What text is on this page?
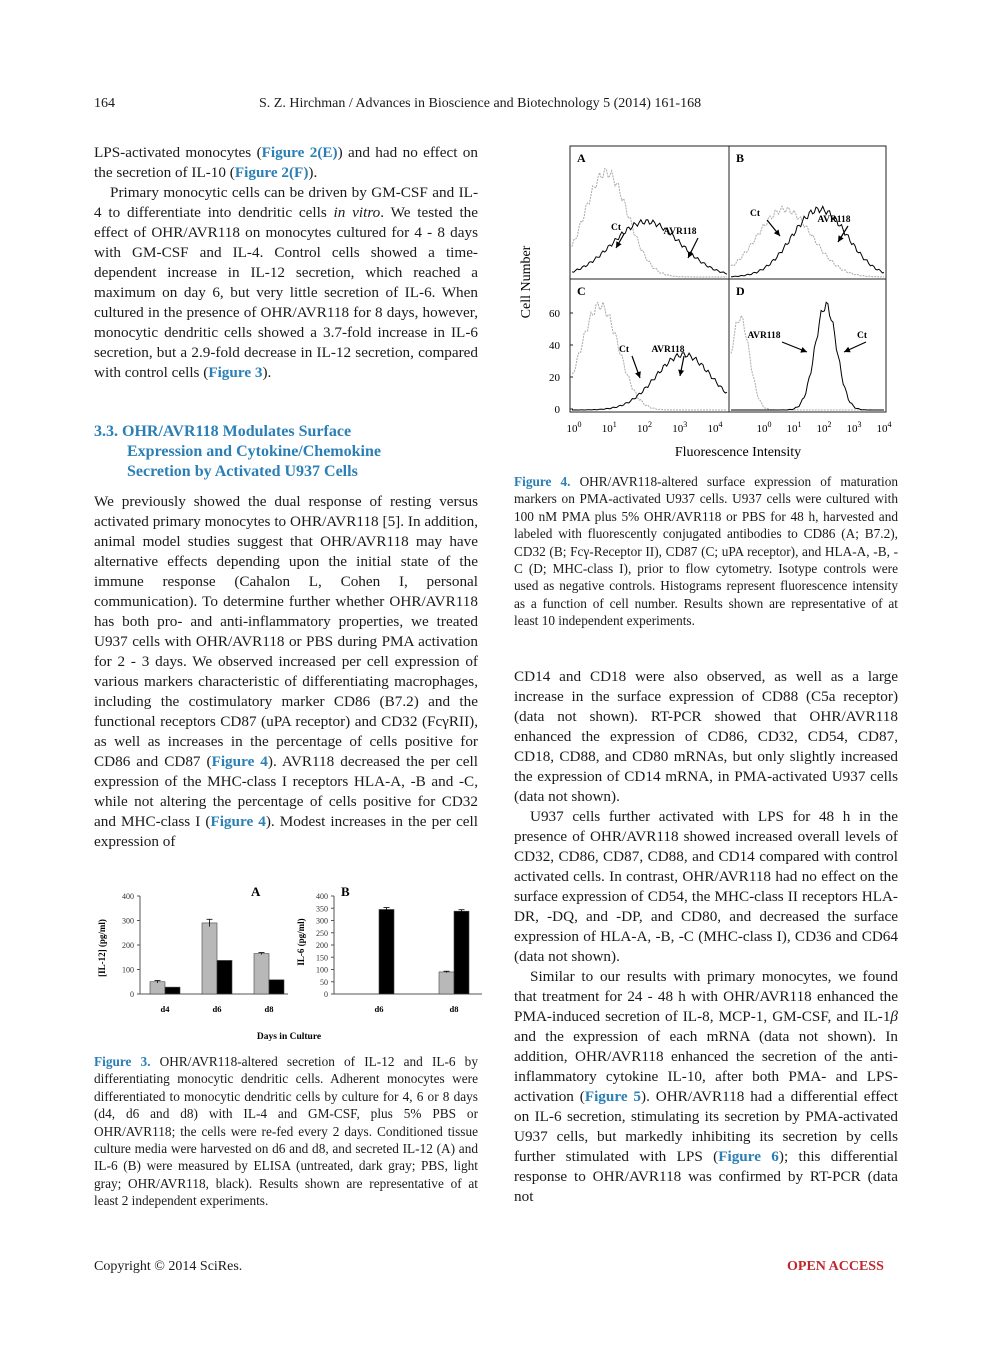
164	S. Z. Hirchman / Advances in Bioscience and Biotechnology 5 (2014) 161-168

LPS-activated monocytes (Figure 2(E)) and had no effect on the secretion of IL-10 (Figure 2(F)).

Primary monocytic cells can be driven by GM-CSF and IL-4 to differentiate into dendritic cells in vitro. We tested the effect of OHR/AVR118 on monocytes cultured for 4 - 8 days with GM-CSF and IL-4. Control cells showed a time-dependent increase in IL-12 secretion, which reached a maximum on day 6, but very little secretion of IL-6. When cultured in the presence of OHR/AVR118 for 8 days, however, monocytic dendritic cells showed a 3.7-fold increase in IL-6 secretion, but a 2.9-fold decrease in IL-12 secretion, compared with control cells (Figure 3).

3.3. OHR/AVR118 Modulates Surface
Expression and Cytokine/Chemokine
Secretion by Activated U937 Cells

We previously showed the dual response of resting versus activated primary monocytes to OHR/AVR118 [5]. In addition, animal model studies suggest that OHR/AVR118 may have alternative effects depending upon the initial state of the immune response (Cahalon L, Cohen I, personal communication). To determine further whether OHR/AVR118 has both pro- and anti-inflammatory properties, we treated U937 cells with OHR/AVR118 or PBS during PMA activation for 2 - 3 days. We observed increased per cell expression of various markers characteristic of differentiating macrophages, including the costimulatory marker CD86 (B7.2) and the functional receptors CD87 (uPA receptor) and CD32 (FcγRII), as well as increases in the percentage of cells positive for CD86 and CD87 (Figure 4). AVR118 decreased the per cell expression of the MHC-class I receptors HLA-A, -B and -C, while not altering the percentage of cells positive for CD32 and MHC-class I (Figure 4). Modest increases in the per cell expression of

0
100
200
300
400
d4	d6	d8
0
50
100
150
200
250
300
350
400
d6	d8
A	B
Days in Culture
[IL-12] (pg/ml)	IL-6 (pg/ml)
Figure 3. OHR/AVR118-altered secretion of IL-12 and IL-6 by differentiating monocytic dendritic cells. Adherent monocytes were differentiated to monocytic dendritic cells by culture for 4, 6 or 8 days (d4, d6 and d8) with IL-4 and GM-CSF, plus 5% PBS or OHR/AVR118; the cells were re-fed every 2 days. Conditioned tissue culture media were harvested on d6 and d8, and secreted IL-12 (A) and IL-6 (B) were measured by ELISA (untreated, dark gray; PBS, light gray; OHR/AVR118, black). Results shown are representative of at least 2 independent experiments.
0
20
40
60
$10^0$ $10^1$ $10^2$ $10^3$ $10^4$	$10^0$ $10^1$ $10^2$ $10^3$ $10^4$
A	B
C	D
Ct	AVR118
Ct
AVR118
Ct AVR118
AVR118	Ct
Cell Number
Fluorescence Intensity
Figure 4. OHR/AVR118-altered surface expression of maturation markers on PMA-activated U937 cells. U937 cells were cultured with 100 nM PMA plus 5% OHR/AVR118 or PBS for 48 h, harvested and labeled with fluorescently conjugated antibodies to CD86 (A; B7.2), CD32 (B; Fcγ-Receptor II), CD87 (C; uPA receptor), and HLA-A, -B, -C (D; MHC-class I), prior to flow cytometry. Isotype controls were used as negative controls. Histograms represent fluorescence intensity as a function of cell number. Results shown are representative of at least 10 independent experiments.

CD14 and CD18 were also observed, as well as a large increase in the surface expression of CD88 (C5a receptor) (data not shown). RT-PCR showed that OHR/AVR118 enhanced the expression of CD86, CD32, CD54, CD87, CD18, CD88, and CD80 mRNAs, but only slightly increased the expression of CD14 mRNA, in PMA-activated U937 cells (data not shown).

U937 cells further activated with LPS for 48 h in the presence of OHR/AVR118 showed increased overall levels of CD32, CD86, CD87, CD88, and CD14 compared with control activated cells. In contrast, OHR/AVR118 had no effect on the surface expression of CD54, the MHC-class II receptors HLA-DR, -DQ, and -DP, and CD80, and decreased the surface expression of HLA-A, -B, -C (MHC-class I), CD36 and CD64 (data not shown).

Similar to our results with primary monocytes, we found that treatment for 24 - 48 h with OHR/AVR118 enhanced the PMA-induced secretion of IL-8, MCP-1, GM-CSF, and IL-1β and the expression of each mRNA (data not shown). In addition, OHR/AVR118 enhanced the secretion of the anti-inflammatory cytokine IL-10, after both PMA- and LPS-activation (Figure 5). OHR/AVR118 had a differential effect on IL-6 secretion, stimulating its secretion by PMA-activated U937 cells, but markedly inhibiting its secretion by cells further stimulated with LPS (Figure 6); this differential response to OHR/AVR118 was confirmed by RT-PCR (data not

Copyright © 2014 SciRes.	OPEN ACCESS
